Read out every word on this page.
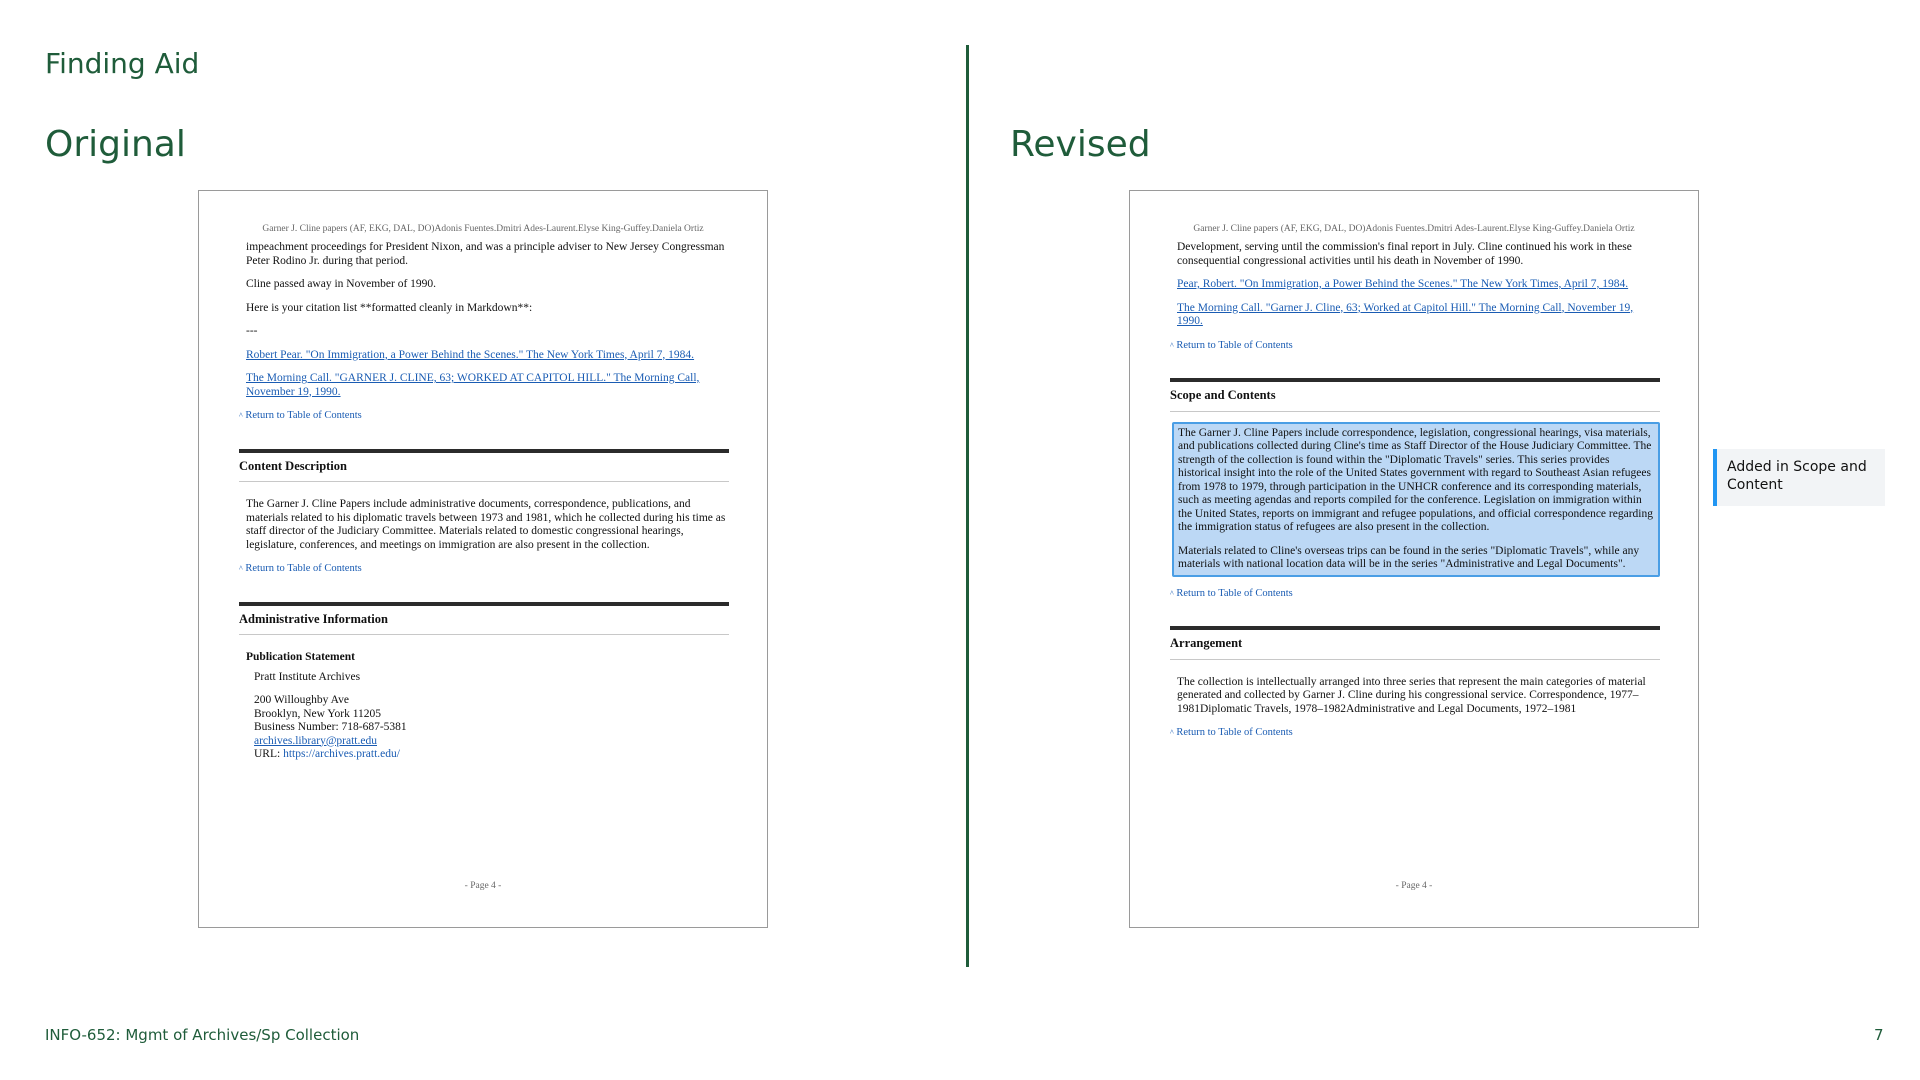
Finding Aid
Original	Revised
Garner J. Cline papers (AF, EKG, DAL, DO)Adonis Fuentes.Dmitri Ades-Laurent.Elyse King-Guffey.Daniela Ortiz

impeachment proceedings for President Nixon, and was a principle adviser to New Jersey Congressman Peter Rodino Jr. during that period.

Cline passed away in November of 1990.

Here is your citation list **formatted cleanly in Markdown**:

---

Robert Pear. "On Immigration, a Power Behind the Scenes." The New York Times, April 7, 1984.

The Morning Call. "GARNER J. CLINE, 63; WORKED AT CAPITOL HILL." The Morning Call, November 19, 1990.

^ Return to Table of Contents
Content Description

The Garner J. Cline Papers include administrative documents, correspondence, publications, and materials related to his diplomatic travels between 1973 and 1981, which he collected during his time as staff director of the Judiciary Committee. Materials related to domestic congressional hearings, legislature, conferences, and meetings on immigration are also present in the collection.

^ Return to Table of Contents
Administrative Information
Publication Statement
Pratt Institute Archives
200 Willoughby Ave
Brooklyn, New York 11205
Business Number: 718-687-5381
archives.library@pratt.edu
URL: https://archives.pratt.edu/
- Page 4 -
Garner J. Cline papers (AF, EKG, DAL, DO)Adonis Fuentes.Dmitri Ades-Laurent.Elyse King-Guffey.Daniela Ortiz

Development, serving until the commission's final report in July. Cline continued his work in these consequential congressional activities until his death in November of 1990.

Pear, Robert. "On Immigration, a Power Behind the Scenes." The New York Times, April 7, 1984.

The Morning Call. "Garner J. Cline, 63; Worked at Capitol Hill." The Morning Call, November 19, 1990.

^ Return to Table of Contents
Scope and Contents

The Garner J. Cline Papers include correspondence, legislation, congressional hearings, visa materials, and publications collected during Cline's time as Staff Director of the House Judiciary Committee. The strength of the collection is found within the "Diplomatic Travels" series. This series provides historical insight into the role of the United States government with regard to Southeast Asian refugees from 1978 to 1979, through participation in the UNHCR conference and its corresponding materials, such as meeting agendas and reports compiled for the conference. Legislation on immigration within the United States, reports on immigrant and refugee populations, and official correspondence regarding the immigration status of refugees are also present in the collection.

Materials related to Cline's overseas trips can be found in the series "Diplomatic Travels", while any materials with national location data will be in the series "Administrative and Legal Documents".

^ Return to Table of Contents
Arrangement

The collection is intellectually arranged into three series that represent the main categories of material generated and collected by Garner J. Cline during his congressional service. Correspondence, 1977–1981Diplomatic Travels, 1978–1982Administrative and Legal Documents, 1972–1981

^ Return to Table of Contents
- Page 4 -
Added in Scope and Content
INFO-652: Mgmt of Archives/Sp Collection	7
